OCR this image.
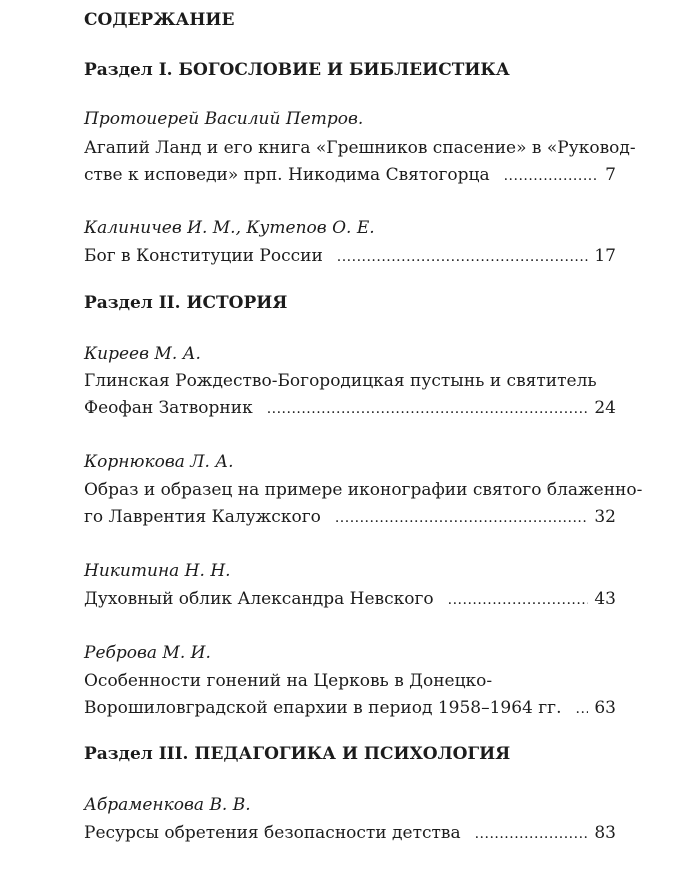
СОДЕРЖАНИЕ
Раздел I. БОГОСЛОВИЕ И БИБЛЕИСТИКА
Протоиерей Василий Петров.
Агапий Ланд и его книга «Грешников спасение» в «Руковод-
стве к исповеди» прп. Никодима Святогорца .....	7
Калиничев И. М., Кутепов О. Е.
Бог в Конституции России .....	17
Раздел II. ИСТОРИЯ
Киреев М. А.
Глинская Рождество-Богородицкая пустынь и святитель
Феофан Затворник .....	24
Корнюкова Л. А.
Образ и образец на примере иконографии святого блаженно-
го Лаврентия Калужского .....	32
Никитина Н. Н.
Духовный облик Александра Невского .....	43
Реброва М. И.
Особенности гонений на Церковь в Донецко-
Ворошиловградской епархии в период 1958–1964 гг. ..... 63
Раздел III. ПЕДАГОГИКА И ПСИХОЛОГИЯ
Абраменкова В. В.
Ресурсы обретения безопасности детства .....	83
